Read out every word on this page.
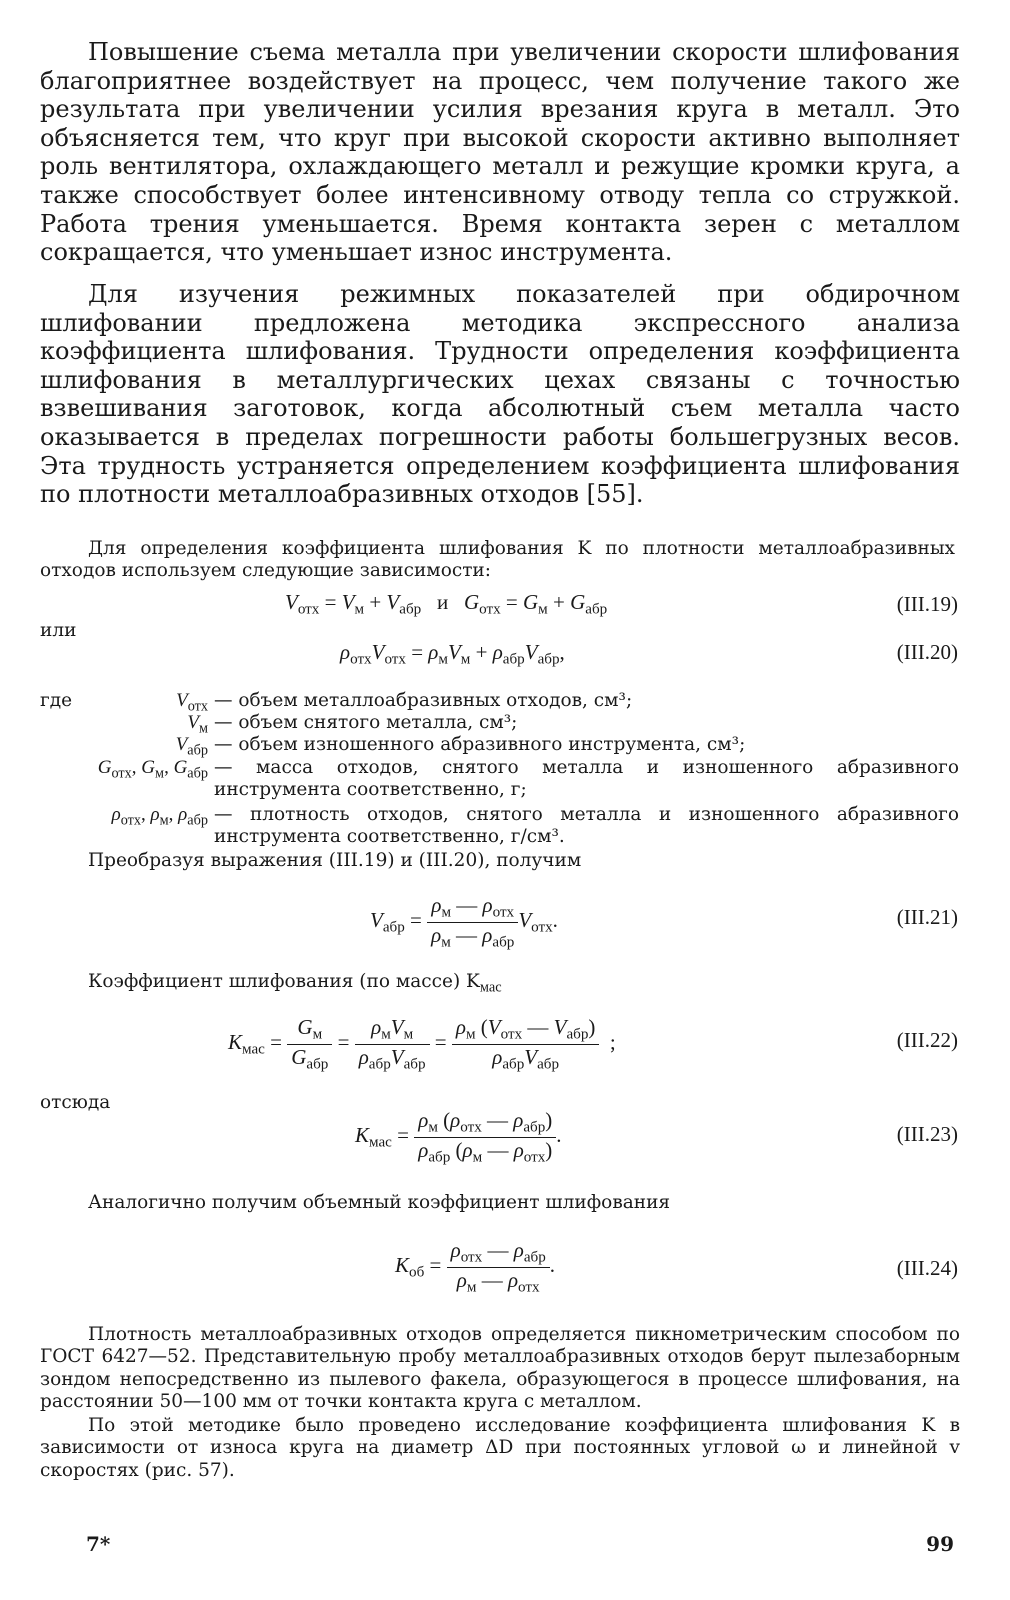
Повышение съема металла при увеличении скорости шлифования благоприятнее воздействует на процесс, чем получение такого же результата при увеличении усилия врезания круга в металл. Это объясняется тем, что круг при высокой скорости активно выполняет роль вентилятора, охлаждающего металл и режущие кромки круга, а также способствует более интенсивному отводу тепла со стружкой. Работа трения уменьшается. Время контакта зерен с металлом сокращается, что уменьшает износ инструмента.

Для изучения режимных показателей при обдирочном шлифовании предложена методика экспрессного анализа коэффициента шлифования. Трудности определения коэффициента шлифования в металлургических цехах связаны с точностью взвешивания заготовок, когда абсолютный съем металла часто оказывается в пределах погрешности работы большегрузных весов. Эта трудность устраняется определением коэффициента шлифования по плотности металлоабразивных отходов [55].

Для определения коэффициента шлифования K по плотности металлоабразивных отходов используем следующие зависимости:

$V_{отх} = V_м + V_{абр}$ и $G_{отх} = G_м + G_{абр}$	(III.19)
или
$\rho_{отх}V_{отх} = \rho_мV_м + \rho_{абр}V_{абр}$,	(III.20)
где	$V_{отх}$ — объем металлоабразивных отходов, см³;
$V_м$ — объем снятого металла, см³;
$V_{абр}$ — объем изношенного абразивного инструмента, см³;
$G_{отх}$, $G_м$, $G_{абр}$ — масса отходов, снятого металла и изношенного абразивного инструмента соответственно, г;
$\rho_{отх}$, $\rho_м$, $\rho_{абр}$ — плотность отходов, снятого металла и изношенного абразивного инструмента соответственно, г/см³.

Преобразуя выражения (III.19) и (III.20), получим

$V_{абр} = \frac{\rho_м — \rho_{отх}}{\rho_м — \rho_{абр}} V_{отх}$.	(III.21)
Коэффициент шлифования (по массе) $K_{мас}$
$K_{мас} = \frac{G_м}{G_{абр}} = \frac{\rho_мV_м}{\rho_{абр}V_{абр}} = \frac{\rho_м (V_{отх} — V_{абр})}{\rho_{абр}V_{абр}}$ ;	(III.22)
отсюда
$K_{мас} = \frac{\rho_м (\rho_{отх} — \rho_{абр})}{\rho_{абр} (\rho_м — \rho_{отх})}$ .	(III.23)

Аналогично получим объемный коэффициент шлифования

$K_{об} = \frac{\rho_{отх} — \rho_{абр}}{\rho_м — \rho_{отх}}$ .	(III.24)

Плотность металлоабразивных отходов определяется пикнометрическим способом по ГОСТ 6427—52. Представительную пробу металлоабразивных отходов берут пылезаборным зондом непосредственно из пылевого факела, образующегося в процессе шлифования, на расстоянии 50—100 мм от точки контакта круга с металлом.

По этой методике было проведено исследование коэффициента шлифования K в зависимости от износа круга на диаметр ΔD при постоянных угловой ω и линейной v скоростях (рис. 57).

7*	99
